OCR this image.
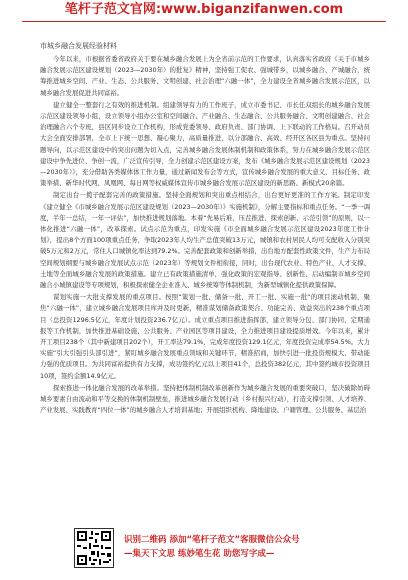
笔杆子范文官网:www.biganzifanwen.com
市城乡融合发展经验材料

今年以来，市根据省委省政府关于要在城乡融合发展上为全省前示范的工作要求，认真落实省政府《关于市城乡融合发展示范区建设规划（2023—2030年）的批复》精神，坚持强工促农、强城带乡，以城乡融合、产城融合，统筹推进城乡空间、产业、生态、公共服务、文明创建、社会治理“六融一体”，全力建设全省城乡融合发展示范区，以城乡融合发展促进共同富裕。

建立健全一整套行之有效的推进机制。组建领导有力的工作班子，成立市委书记、市长任双组长的城乡融合发展示范区建设领导小组，设立领导小组办公室和空间融合、产业融合、生态融合、公共服务融合、文明创建融合、社会治理融合六个专班，县区同步设立工作机构，形成党委领导、政府负责、部门协调、上下联动的工作格局。召开动员大会全面安排部署，全市上下统一思想、凝心聚力，高质量推进，以分部融合、高效、经开区各区县为重点。坚持问题导向，以示范区建设中的突出问题为切入点，完善城乡融合发展体制机制和政策体系，努力在城乡融合发展示范区建设中争先进位、争创一流，广泛宣传引导，全力创建示范区建设方案，发布《城乡融合发展示范区建设规划（2023—2030年）》，充分借助各类媒体体工作力量，通过新闻发布会等方式，宣传城乡融合发展的重大意义、目标任务、政策举措、新华时代网、凤凰网、每日网等权威媒体宣传市城乡融合发展示范区建设的新思路、新模式20余篇。

制定出台一揽子配套完善的政策措施。坚持全面规划和突出重点相结合，出台更好更准的工作方案。制定印发《建立健全《市城乡融合发展示范区建设规划（2023—2030年）》实施机制》，分解主要指标和重点任务。“一季一调度，半年一总结，一年一评估”，加快推进规划落地。本着“先易后难、压茬推进、探索创新、示范引领”的原则，以一体化推进“六融一体”，改革探索。试点示范为重点，印发实施《市全面城乡融合发展示范区建设2023年度工作计划》，提出8个方面100项重点任务，争取2023年人均生产总值突破13万元，城镇和农村居民人均可支配收入分别突破5万元和2万元，常住人口城镇化率达到79.2%。完善配套政策和创新举措，出台地方配套性政策文件，生产力布局空间规划纲要与城乡融合发展试点示范（2023年）等规划文件相衔接，同时，出台现代农业、特色产业、人才支撑、土地等全面城乡融合发展的政策措施。建立已有政策措施清单，强化政策的宏观指导、创新性、启动编制市城乡空间融合小城镇建设等专项规划，积极探索健全企业准入、城乡统筹等体制机制，为新型城镇化提供政策保障。

谋划实施一大批支撑发展的重点项目。按照“策划一批、储备一批、开工一批、实施一批”的项目滚动机制，聚焦“六融一体”，建立城乡融合发展项目库并及时更新，精准谋划储备政策契合、功能完善、效益突出的238个重点项目（总投资1296.5亿元，年度计划投资236.7亿元）。成立重点项目推进指挥部，建立领导分包、部门协同、定期通报等工作机制，加快推进基础设施、公共服务、产业园区等项目建设，全力推进项目建设提质增效。今年以来，累计开工项目238个（其中新建项目202个），开工率达79.1%，完成年度投资129.1亿元，年度投资完成率54.5%。大力实施“引大引强引头部引进”，紧盯城乡融合发展重点领域和关键环节，精准招商，加快引进一批投资规模大、带动能力强的优质项目。为共同富裕提供有力支撑，成功签约亿元以上项目41个，总投资382亿元，其中签约城市投资项目10项，签约金额14.9亿元。

探索推进一体化融合发展的改革举措。坚持把体制机制改革创新作为城乡融合发展的重要突破口，坚决破除妨碍城乡要素自由流动和平等交换的体制机制壁垒，推进城乡融合发展行动（乡村振兴行动），打造支撑引领、人才培养、产业发展、实践教育“四位一体”的城乡融合人才培训基地；开展组织机构、降地建设、户籍管理、公共服务、基层治

识别二维码 添加“笔杆子范文”客服微信公众号
—集天下文思 练妙笔生花 助您写字成—
